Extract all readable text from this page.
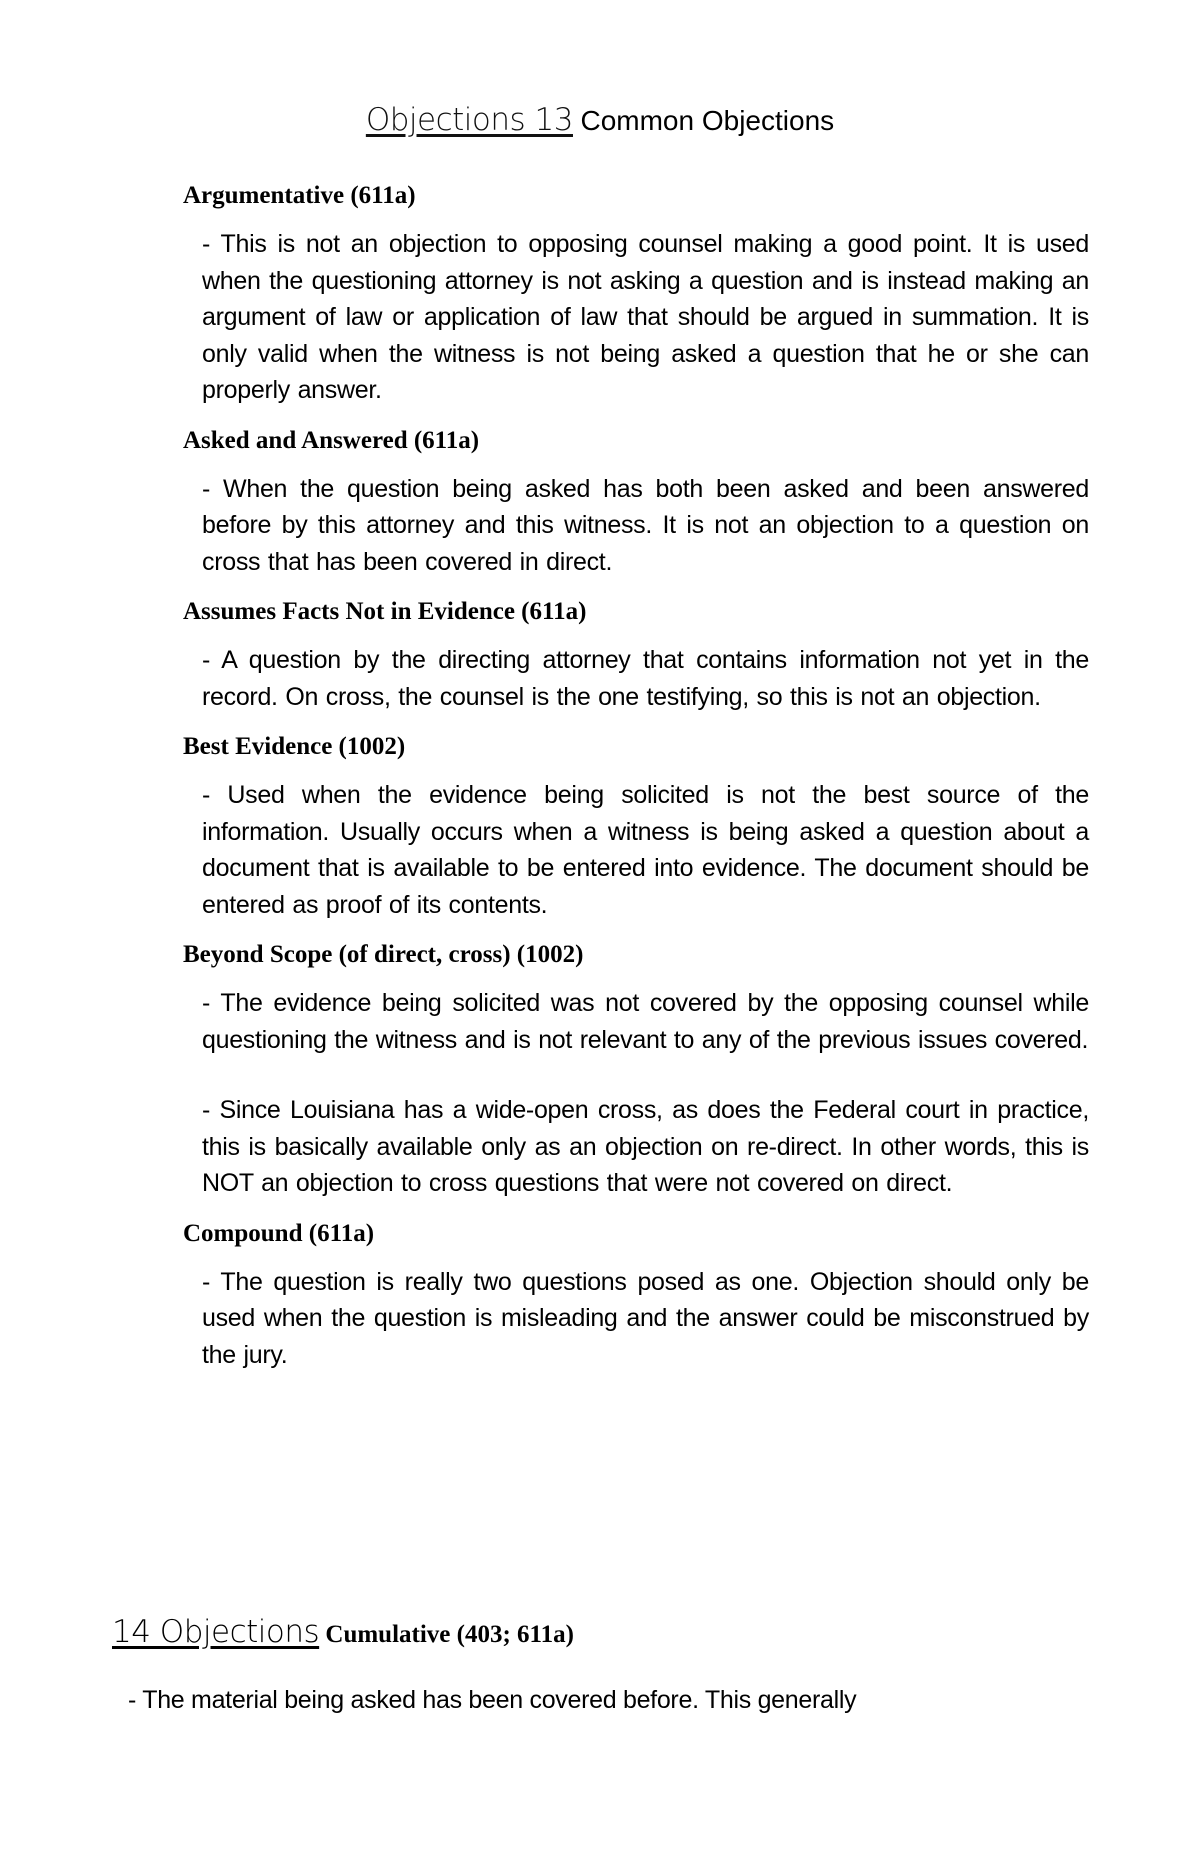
Objections 13 Common Objections
Argumentative (611a)

- This is not an objection to opposing counsel making a good point. It is used when the questioning attorney is not asking a question and is instead making an argument of law or application of law that should be argued in summation. It is only valid when the witness is not being asked a question that he or she can properly answer.

Asked and Answered (611a)

- When the question being asked has both been asked and been answered before by this attorney and this witness. It is not an objection to a question on cross that has been covered in direct.

Assumes Facts Not in Evidence (611a)

- A question by the directing attorney that contains information not yet in the record. On cross, the counsel is the one testifying, so this is not an objection.

Best Evidence (1002)

- Used when the evidence being solicited is not the best source of the information. Usually occurs when a witness is being asked a question about a document that is available to be entered into evidence. The document should be entered as proof of its contents.

Beyond Scope (of direct, cross) (1002)

- The evidence being solicited was not covered by the opposing counsel while questioning the witness and is not relevant to any of the previous issues covered.

- Since Louisiana has a wide-open cross, as does the Federal court in practice, this is basically available only as an objection on re-direct. In other words, this is NOT an objection to cross questions that were not covered on direct.

Compound (611a)

- The question is really two questions posed as one. Objection should only be used when the question is misleading and the answer could be misconstrued by the jury.

14 Objections Cumulative (403; 611a)
- The material being asked has been covered before. This generally
